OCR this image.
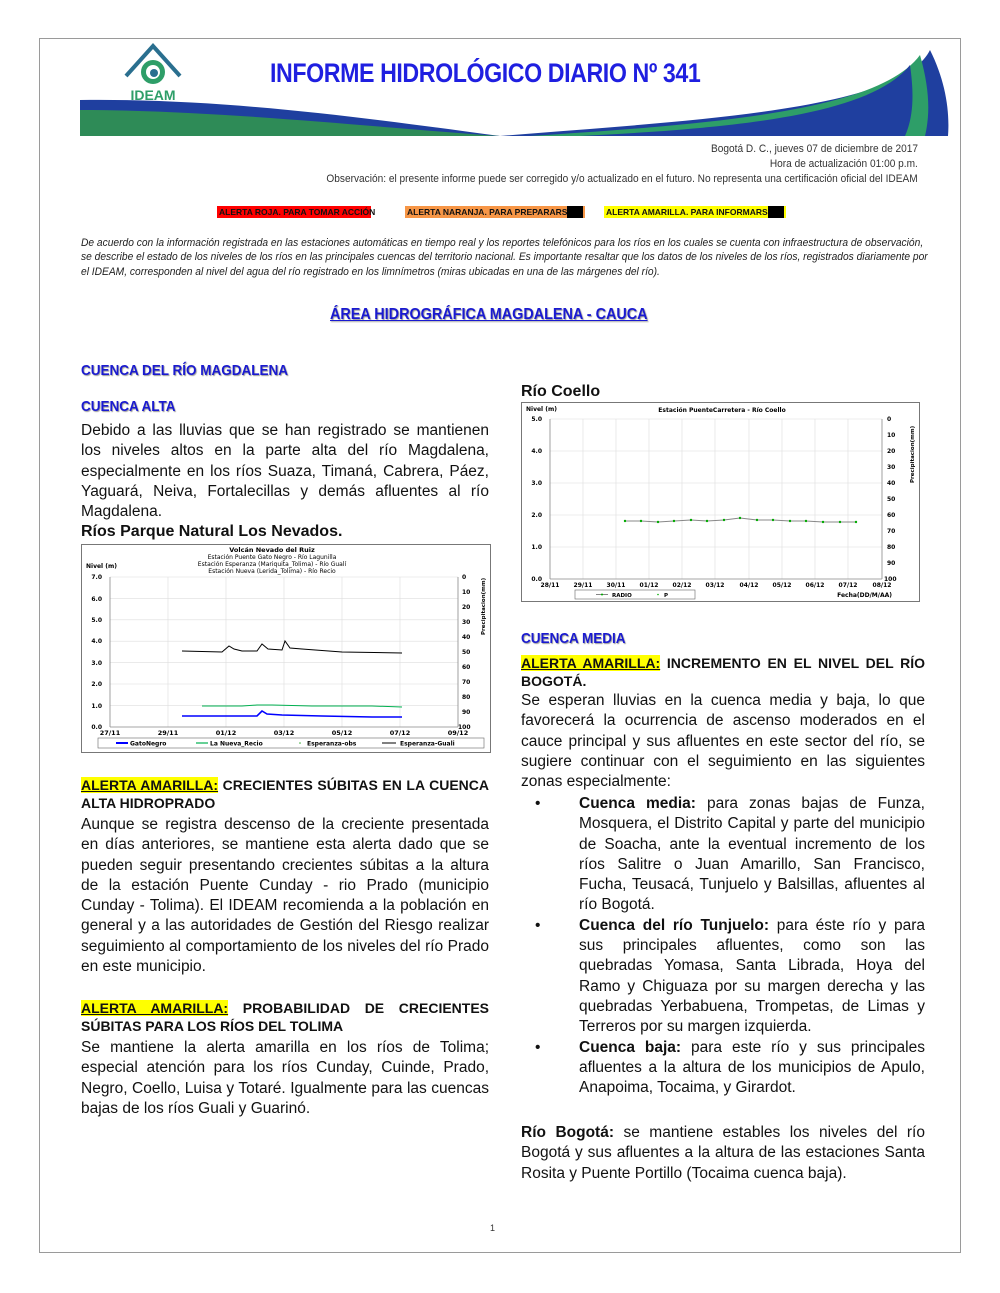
IDEAM
INFORME HIDROLÓGICO DIARIO Nº 341
Bogotá D. C., jueves 07 de diciembre de 2017
Hora de actualización 01:00 p.m.
Observación: el presente informe puede ser corregido y/o actualizado en el futuro. No representa una certificación oficial del IDEAM
ALERTA ROJA. PARA TOMAR ACCIÓN	ALERTA NARANJA. PARA PREPARARS	ALERTA AMARILLA. PARA INFORMARS
De acuerdo con la información registrada en las estaciones automáticas en tiempo real y los reportes telefónicos para los ríos en los cuales se cuenta con infraestructura de observación, se describe el estado de los niveles de los ríos en las principales cuencas del territorio nacional. Es importante resaltar que los datos de los niveles de los ríos, registrados diariamente por el IDEAM, corresponden al nivel del agua del río registrado en los limnímetros (miras ubicadas en una de las márgenes del río).
ÁREA HIDROGRÁFICA MAGDALENA - CAUCA
CUENCA DEL RÍO MAGDALENA
CUENCA ALTA
Debido a las lluvias que se han registrado se mantienen los niveles altos en la parte alta del río Magdalena, especialmente en los ríos Suaza, Timaná, Cabrera, Páez, Yaguará, Neiva, Fortalecillas y demás afluentes al río Magdalena.
Ríos Parque Natural Los Nevados.
Volcán Nevado del Ruiz
Estación Puente Gato Negro - Río Lagunilla
Estación Esperanza (Mariquita_Tolima) - Río Gualí
Estación Nueva (Lerida_Tolima) - Río Recio
Nivel (m)
0.0
1.0
2.0
3.0
4.0
5.0
6.0
7.0	0
10
20
30
40
50
60
70
80
90
100
Precipitacion(mm)
27/11	29/11	01/12	03/12	05/12	07/12	09/12
GatoNegro	La Nueva_Recio	Esperanza-obs	Esperanza-Guali
ALERTA AMARILLA: CRECIENTES SÚBITAS EN LA CUENCA ALTA HIDROPRADO
Aunque se registra descenso de la creciente presentada en días anteriores, se mantiene esta alerta dado que se pueden seguir presentando crecientes súbitas a la altura de la estación Puente Cunday - rio Prado (municipio Cunday - Tolima). El IDEAM recomienda a la población en general y a las autoridades de Gestión del Riesgo realizar seguimiento al comportamiento de los niveles del río Prado en este municipio.
ALERTA AMARILLA: PROBABILIDAD DE CRECIENTES SÚBITAS PARA LOS RÍOS DEL TOLIMA
Se mantiene la alerta amarilla en los ríos de Tolima; especial atención para los ríos Cunday, Cuinde, Prado, Negro, Coello, Luisa y Totaré. Igualmente para las cuencas bajas de los ríos Guali y Guarinó.
Río Coello
Nivel (m)	Estación PuenteCarretera - Río Coello
0.0
1.0
2.0
3.0
4.0
5.0	0
10
20
30
40
50
60
70
80
90
100
Precipitacion(mm)
28/11 29/11 30/11 01/12 02/12 03/12	04/12 05/12 06/12 07/12	08/12
RADIO	P	Fecha(DD/M/AA)
CUENCA MEDIA
ALERTA AMARILLA: INCREMENTO EN EL NIVEL DEL RÍO BOGOTÁ.
Se esperan lluvias en la cuenca media y baja, lo que favorecerá la ocurrencia de ascenso moderados en el cauce principal y sus afluentes en este sector del río, se sugiere continuar con el seguimiento en las siguientes zonas especialmente:
• Cuenca media: para zonas bajas de Funza, Mosquera, el Distrito Capital y parte del municipio de Soacha, ante la eventual incremento de los ríos Salitre o Juan Amarillo, San Francisco, Fucha, Teusacá, Tunjuelo y Balsillas, afluentes al río Bogotá.
• Cuenca del río Tunjuelo: para éste río y para sus principales afluentes, como son las quebradas Yomasa, Santa Librada, Hoya del Ramo y Chiguaza por su margen derecha y las quebradas Yerbabuena, Trompetas, de Limas y Terreros por su margen izquierda.
• Cuenca baja: para este río y sus principales afluentes a la altura de los municipios de Apulo, Anapoima, Tocaima, y Girardot.
Río Bogotá: se mantiene estables los niveles del río Bogotá y sus afluentes a la altura de las estaciones Santa Rosita y Puente Portillo (Tocaima cuenca baja).
1
